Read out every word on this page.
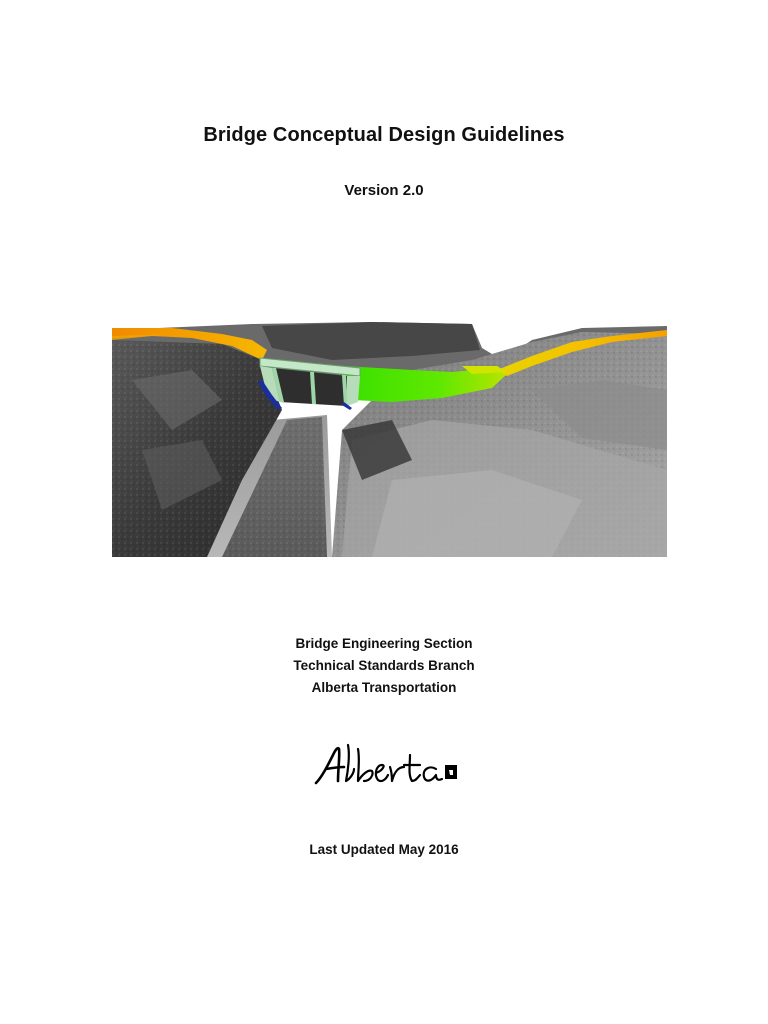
Bridge Conceptual Design Guidelines
Version 2.0
Bridge Engineering Section
Technical Standards Branch
Alberta Transportation
Last Updated May 2016
